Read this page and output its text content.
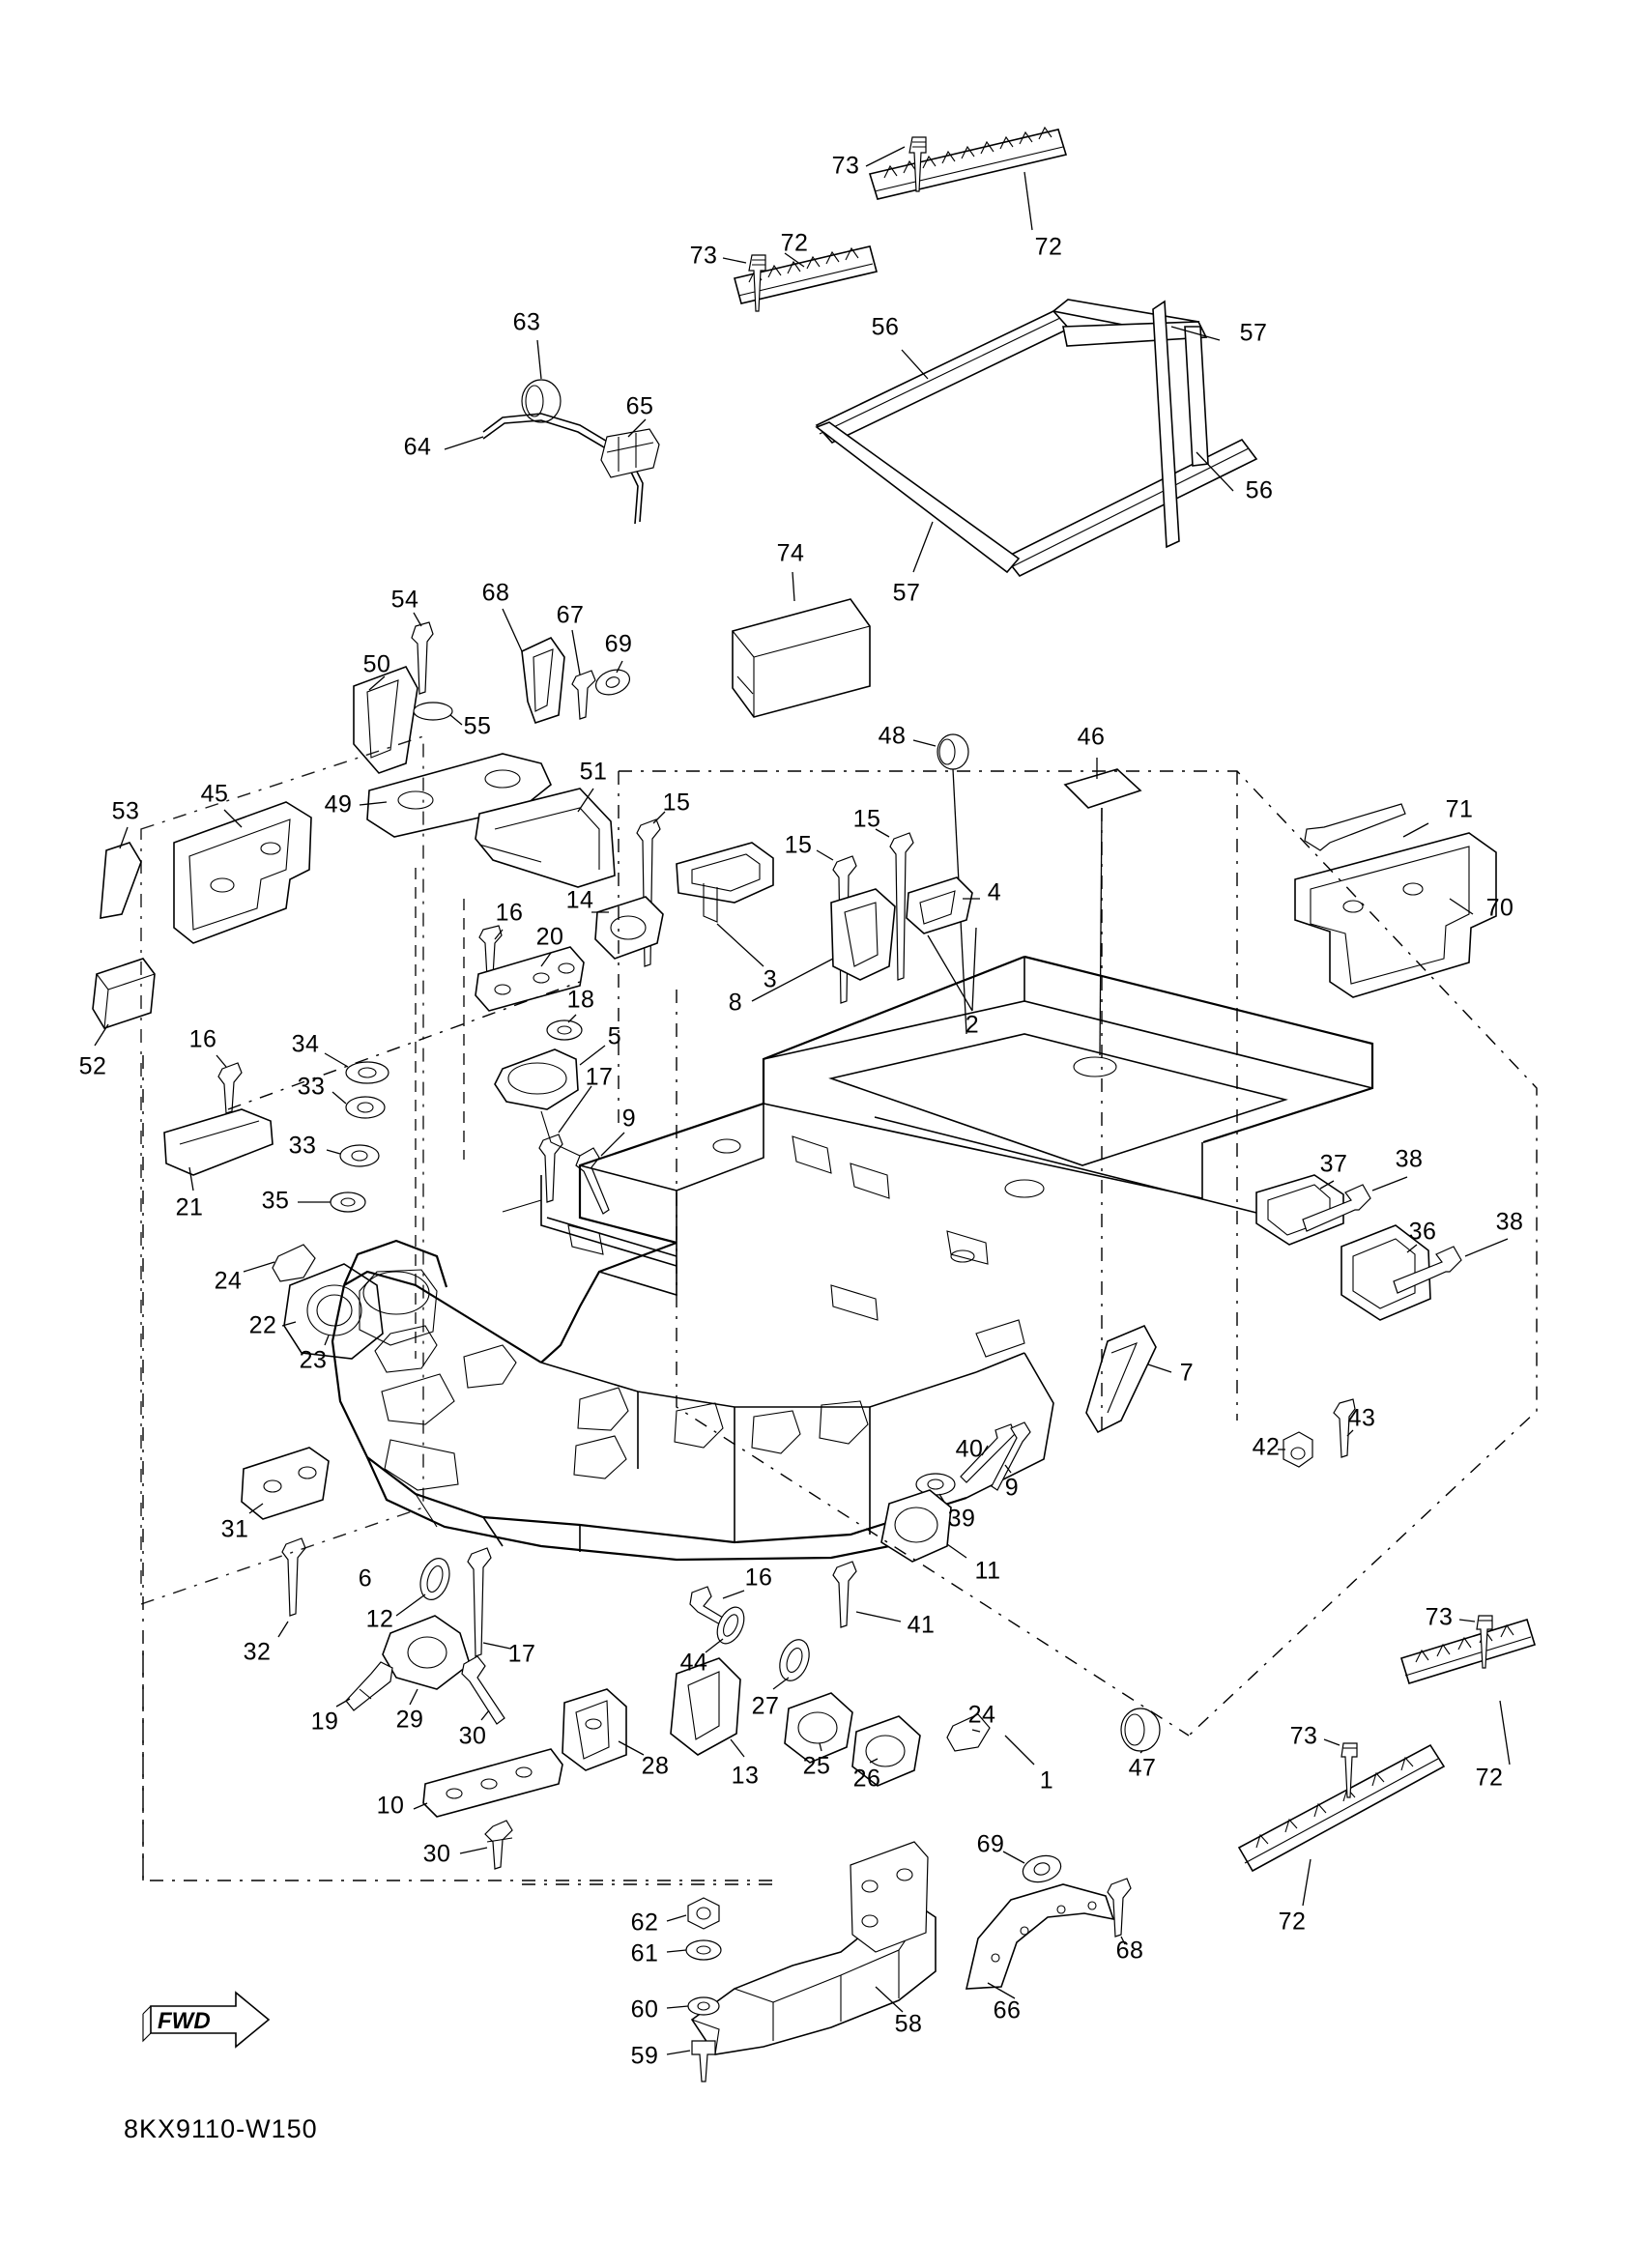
FWD
8KX9110-W150
73
72
73	72
63	56	57
65
64
56
74
57
54	68
67
69
50
55	48	46
51
45	49
53	15
15
15	71
4
14	70
16
20
3
2
8
18
52
5
16	34
17
33
9
33
37 38
21 35
36 38
24
22
23	7
43
42
40
9
39
31
11
6	16
12
32	17
41
44
19 29
30
27	24
25 26	1	47
28	13
10
30
73
73
72
72
69
62
61	68
60	66
58
59
